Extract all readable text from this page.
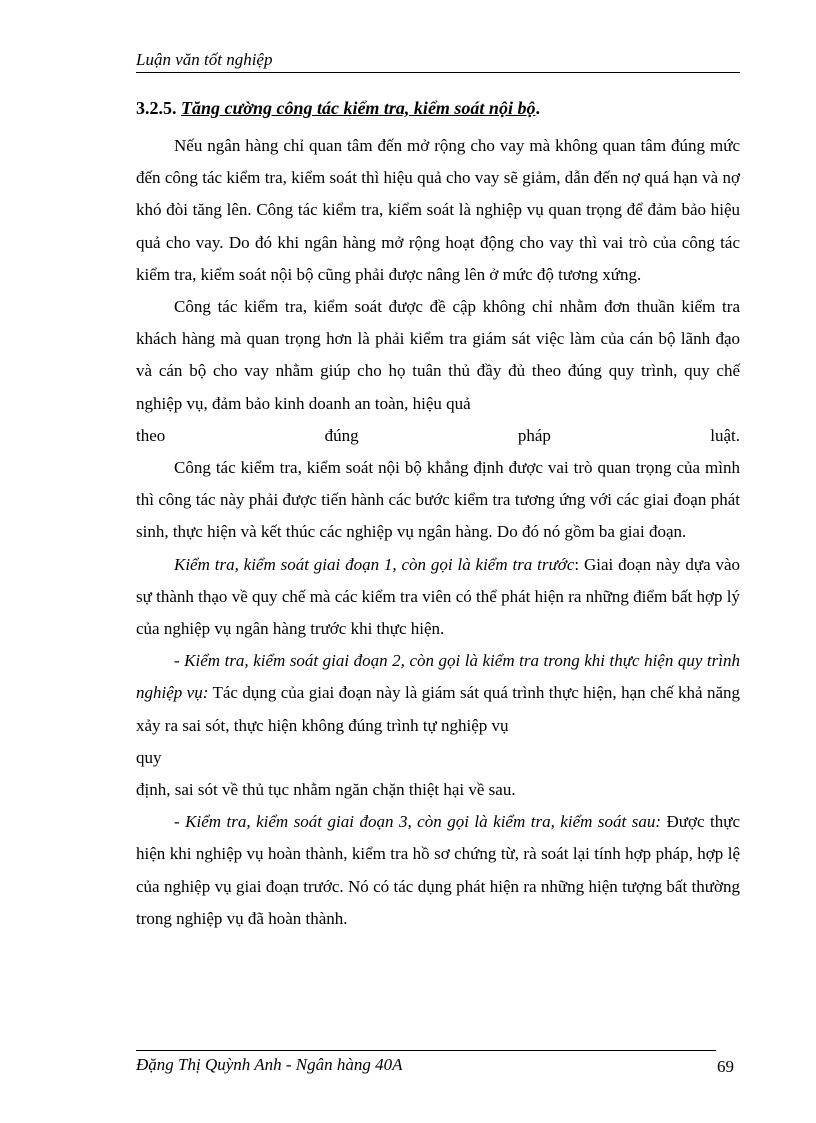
Luận văn tốt nghiệp
3.2.5. Tăng cường công tác kiểm tra, kiểm soát nội bộ.

Nếu ngân hàng chỉ quan tâm đến mở rộng cho vay mà không quan tâm đúng mức đến công tác kiểm tra, kiểm soát thì hiệu quả cho vay sẽ giảm, dẫn đến nợ quá hạn và nợ khó đòi tăng lên. Công tác kiểm tra, kiểm soát là nghiệp vụ quan trọng để đảm bảo hiệu quả cho vay. Do đó khi ngân hàng mở rộng hoạt động cho vay thì vai trò của công tác kiểm tra, kiểm soát nội bộ cũng phải được nâng lên ở mức độ tương xứng.

Công tác kiểm tra, kiểm soát được đề cập không chỉ nhằm đơn thuần kiểm tra khách hàng mà quan trọng hơn là phải kiểm tra giám sát việc làm của cán bộ lãnh đạo và cán bộ cho vay nhằm giúp cho họ tuân thủ đầy đủ theo đúng quy trình, quy chế nghiệp vụ, đảm bảo kinh doanh an toàn, hiệu quả

theo	đúng	pháp	luật.

Công tác kiểm tra, kiểm soát nội bộ khẳng định được vai trò quan trọng của mình thì công tác này phải được tiến hành các bước kiểm tra tương ứng với các giai đoạn phát sinh, thực hiện và kết thúc các nghiệp vụ ngân hàng. Do đó nó gồm ba giai đoạn.

Kiểm tra, kiểm soát giai đoạn 1, còn gọi là kiểm tra trước: Giai đoạn này dựa vào sự thành thạo về quy chế mà các kiểm tra viên có thể phát hiện ra những điểm bất hợp lý của nghiệp vụ ngân hàng trước khi thực hiện.

- Kiểm tra, kiểm soát giai đoạn 2, còn gọi là kiểm tra trong khi thực hiện quy trình nghiệp vụ: Tác dụng của giai đoạn này là giám sát quá trình thực hiện, hạn chế khả năng xảy ra sai sót, thực hiện không đúng trình tự nghiệp vụ

quy

định, sai sót về thủ tục nhằm ngăn chặn thiệt hại về sau.

- Kiểm tra, kiểm soát giai đoạn 3, còn gọi là kiểm tra, kiểm soát sau: Được thực hiện khi nghiệp vụ hoàn thành, kiểm tra hồ sơ chứng từ, rà soát lại tính hợp pháp, hợp lệ của nghiệp vụ giai đoạn trước. Nó có tác dụng phát hiện ra những hiện tượng bất thường trong nghiệp vụ đã hoàn thành.

Đặng Thị Quỳnh Anh - Ngân hàng 40A	69
